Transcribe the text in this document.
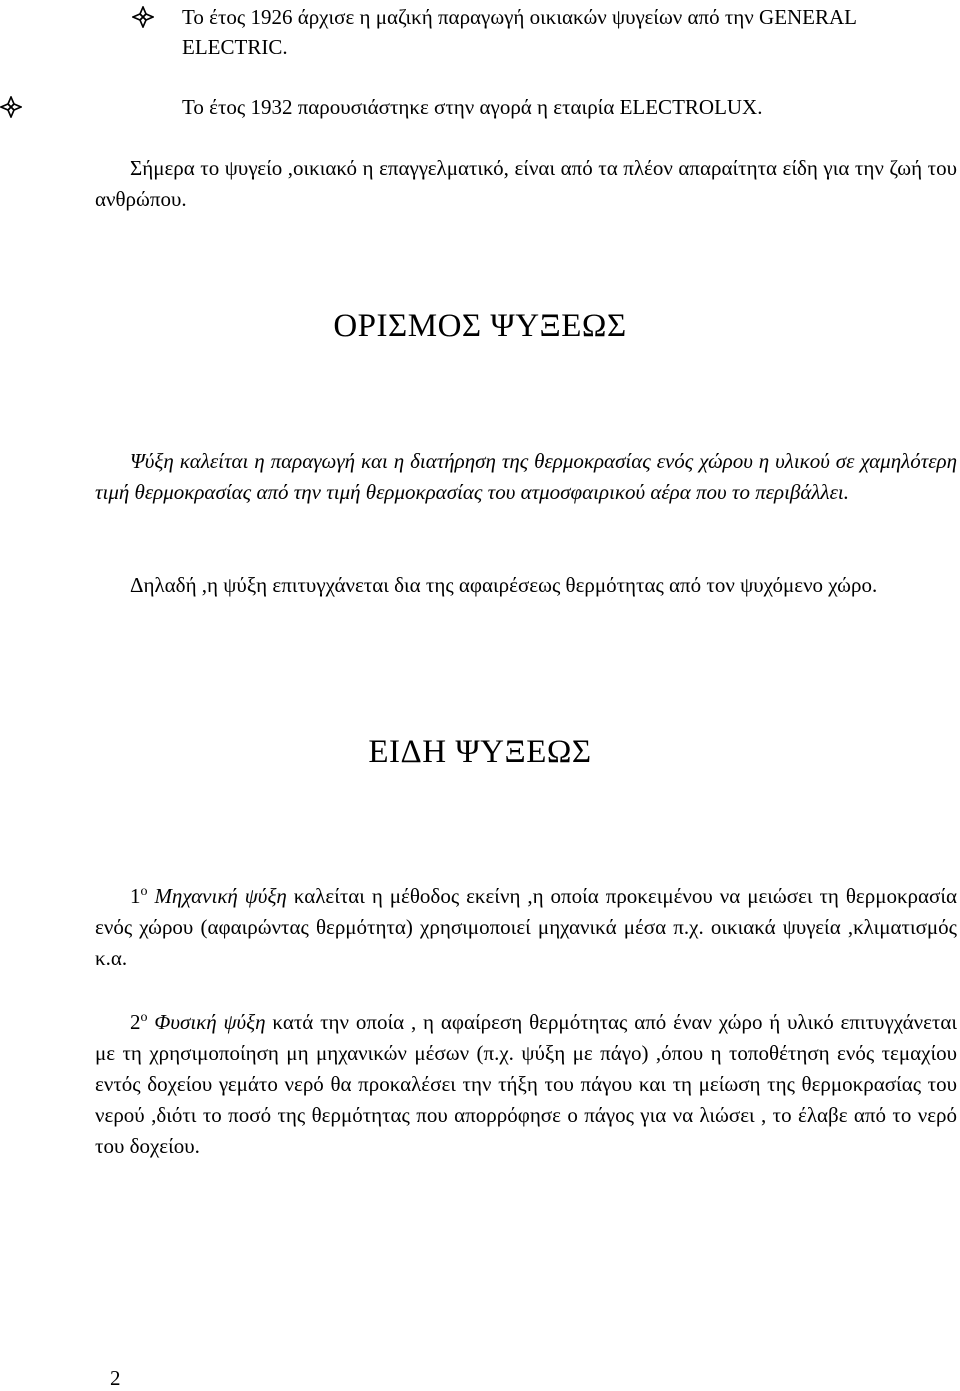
Το έτος 1926 άρχισε η μαζική παραγωγή οικιακών ψυγείων από την GENERAL ELECTRIC.
Το έτος 1932 παρουσιάστηκε στην αγορά η εταιρία ELECTROLUX.
Σήμερα το ψυγείο ,οικιακό η επαγγελματικό, είναι από τα πλέον απαραίτητα είδη για την ζωή του ανθρώπου.
ΟΡΙΣΜΟΣ ΨΥΞΕΩΣ
Ψύξη καλείται η παραγωγή και η διατήρηση της θερμοκρασίας ενός χώρου η υλικού σε χαμηλότερη τιμή θερμοκρασίας από την τιμή θερμοκρασίας του ατμοσφαιρικού αέρα που το περιβάλλει.
Δηλαδή ,η ψύξη επιτυγχάνεται δια της αφαιρέσεως θερμότητας από τον ψυχόμενο χώρο.
ΕΙΔΗ ΨΥΞΕΩΣ
$1^o$ Μηχανική ψύξη καλείται η μέθοδος εκείνη ,η οποία προκειμένου να μειώσει τη θερμοκρασία ενός χώρου (αφαιρώντας θερμότητα) χρησιμοποιεί μηχανικά μέσα π.χ. οικιακά ψυγεία ,κλιματισμός κ.α.
$2^o$ Φυσική ψύξη κατά την οποία , η αφαίρεση θερμότητας από έναν χώρο ή υλικό επιτυγχάνεται με τη χρησιμοποίηση μη μηχανικών μέσων (π.χ. ψύξη με πάγο) ,όπου η τοποθέτηση ενός τεμαχίου εντός δοχείου γεμάτο νερό θα προκαλέσει την τήξη του πάγου και τη μείωση της θερμοκρασίας του νερού ,διότι το ποσό της θερμότητας που απορρόφησε ο πάγος για να λιώσει , το έλαβε από το νερό του δοχείου.
2
